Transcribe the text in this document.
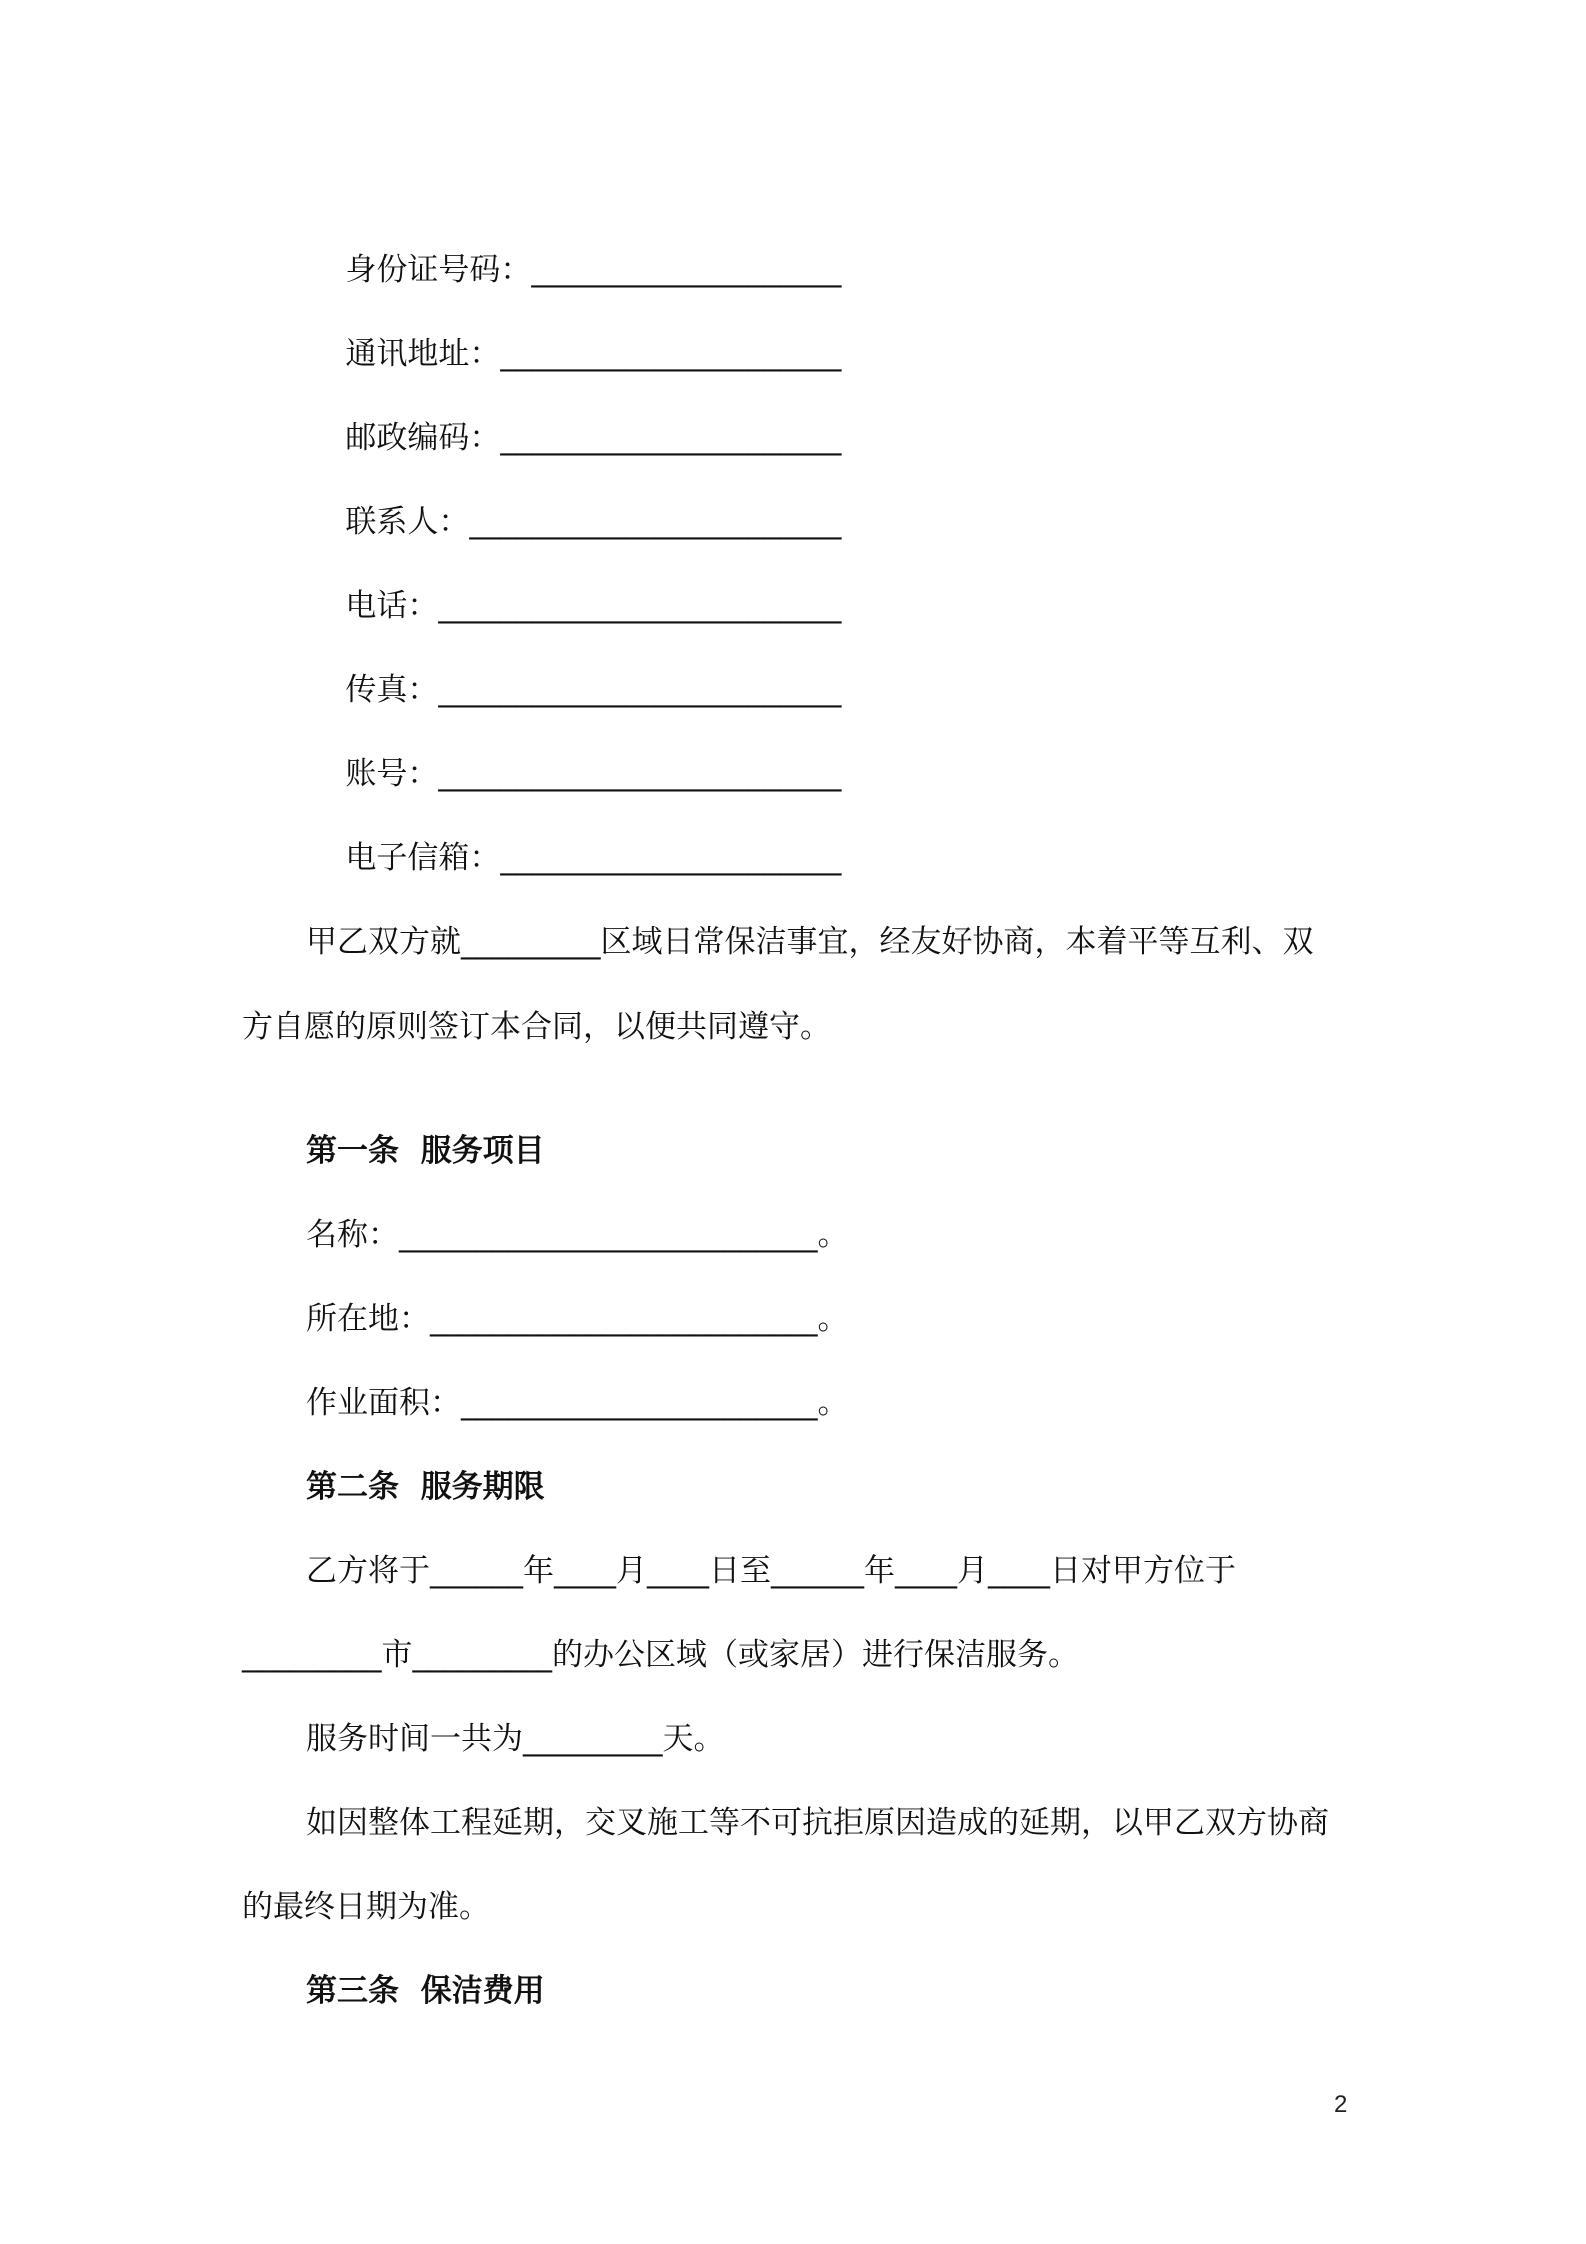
身份证号码：____________________

通讯地址：______________________

邮政编码：______________________

联系人：________________________

电话：__________________________

传真：__________________________

账号：__________________________

电子信箱：______________________

甲乙双方就_________区域日常保洁事宜，经友好协商，本着平等互利、双
方自愿的原则签订本合同，以便共同遵守。
第一条  服务项目
名称：___________________________。
所在地：_________________________。
作业面积：_______________________。
第二条  服务期限
乙方将于______年____月____日至______年____月____日对甲方位于
_________市_________的办公区域（或家居）进行保洁服务。
服务时间一共为_________天。
如因整体工程延期，交叉施工等不可抗拒原因造成的延期，以甲乙双方协商
的最终日期为准。
第三条  保洁费用
2
